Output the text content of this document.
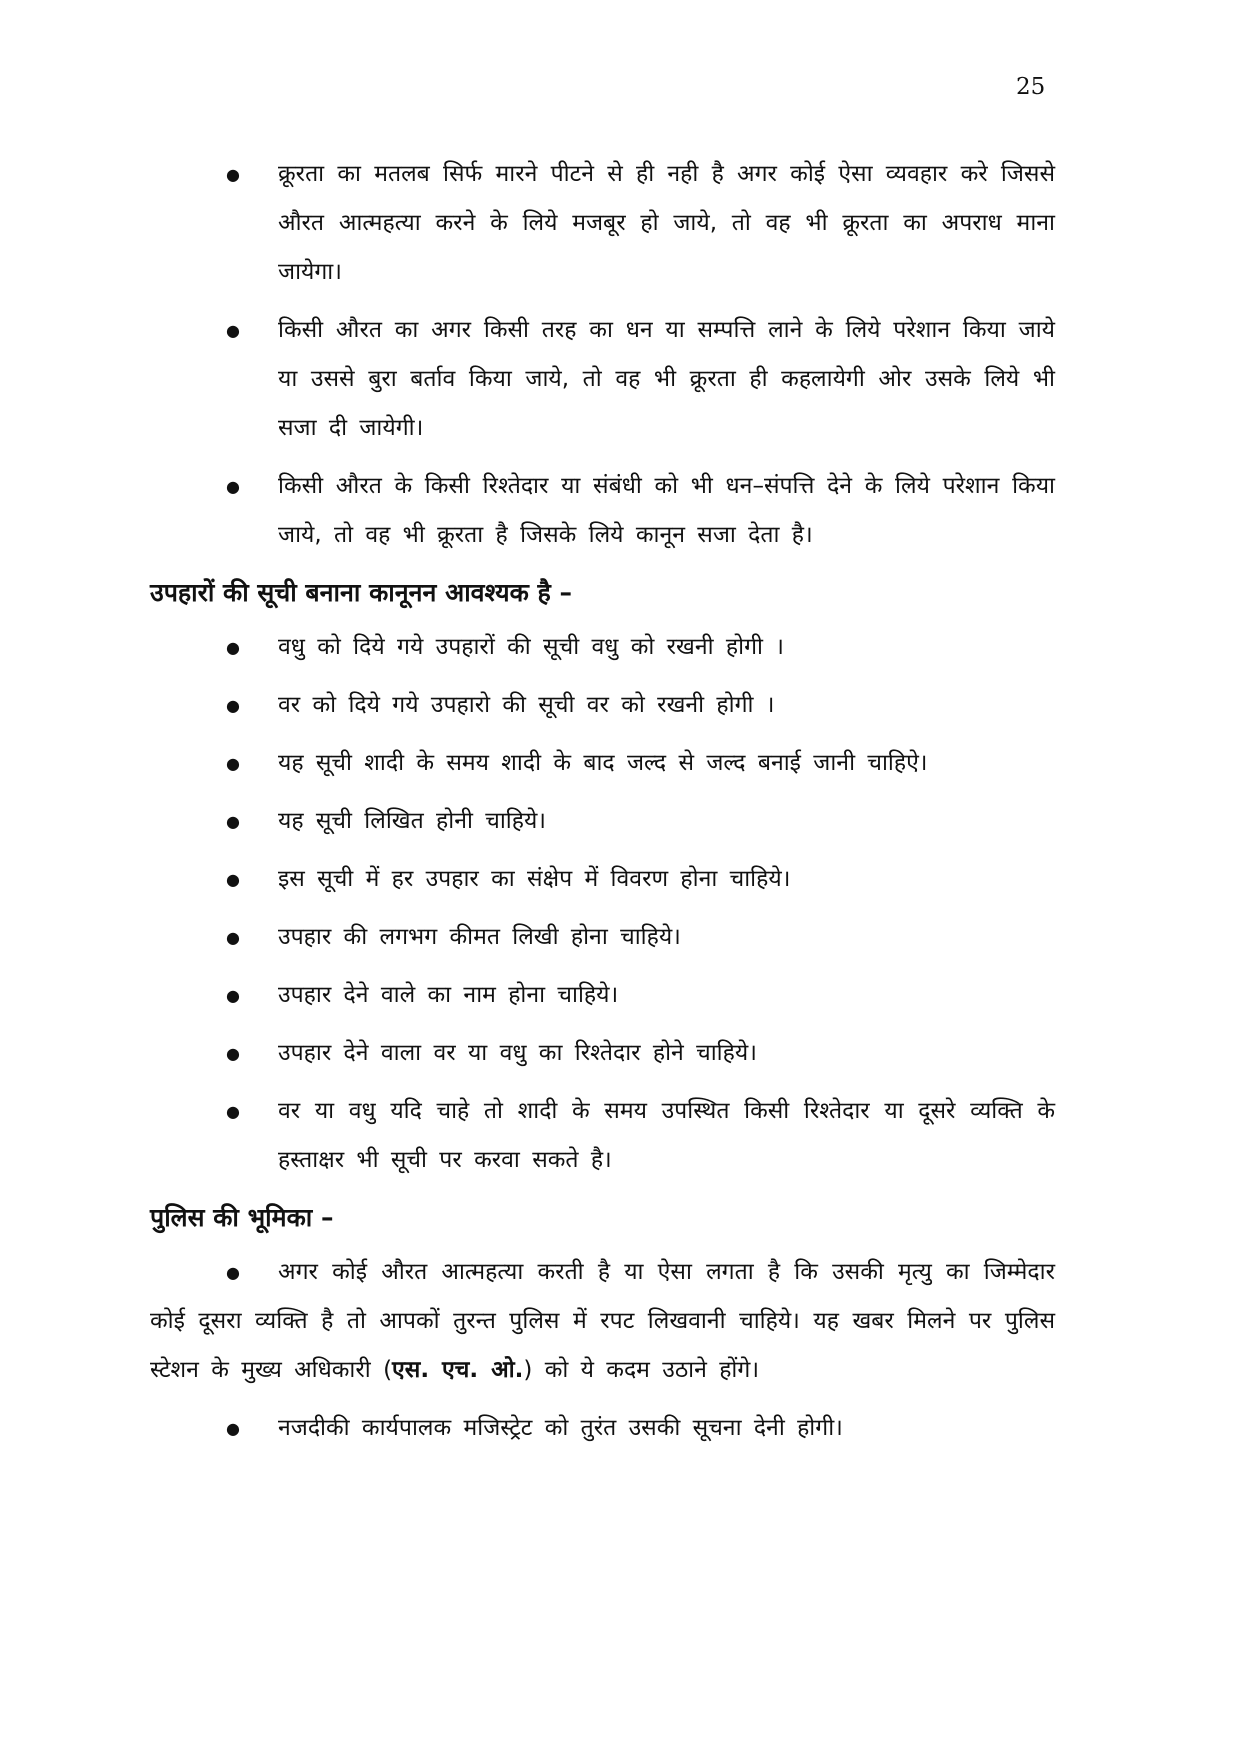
25
● क्रूरता का मतलब सिर्फ मारने पीटने से ही नही है अगर कोई ऐसा व्यवहार करे जिससे औरत आत्महत्या करने के लिये मजबूर हो जाये, तो वह भी क्रूरता का अपराध माना जायेगा।
● किसी औरत का अगर किसी तरह का धन या सम्पत्ति लाने के लिये परेशान किया जाये या उससे बुरा बर्ताव किया जाये, तो वह भी क्रूरता ही कहलायेगी ओर उसके लिये भी सजा दी जायेगी।
● किसी औरत के किसी रिश्तेदार या संबंधी को भी धन–संपत्ति देने के लिये परेशान किया जाये, तो वह भी क्रूरता है जिसके लिये कानून सजा देता है।
उपहारों की सूची बनाना कानूनन आवश्यक है –
● वधु को दिये गये उपहारों की सूची वधु को रखनी होगी ।
● वर को दिये गये उपहारो की सूची वर को रखनी होगी ।
● यह सूची शादी के समय शादी के बाद जल्द से जल्द बनाई जानी चाहिऐ।
● यह सूची लिखित होनी चाहिये।
● इस सूची में हर उपहार का संक्षेप में विवरण होना चाहिये।
● उपहार की लगभग कीमत लिखी होना चाहिये।
● उपहार देने वाले का नाम होना चाहिये।
● उपहार देने वाला वर या वधु का रिश्तेदार होने चाहिये।
● वर या वधु यदि चाहे तो शादी के समय उपस्थित किसी रिश्तेदार या दूसरे व्यक्ति के हस्ताक्षर भी सूची पर करवा सकते है।
पुलिस की भूमिका –

● अगर कोई औरत आत्महत्या करती है या ऐसा लगता है कि उसकी मृत्यु का जिम्मेदार कोई दूसरा व्यक्ति है तो आपकों तुरन्त पुलिस में रपट लिखवानी चाहिये। यह खबर मिलने पर पुलिस स्टेशन के मुख्य अधिकारी (एस. एच. ओ.) को ये कदम उठाने होंगे।

● नजदीकी कार्यपालक मजिस्ट्रेट को तुरंत उसकी सूचना देनी होगी।
